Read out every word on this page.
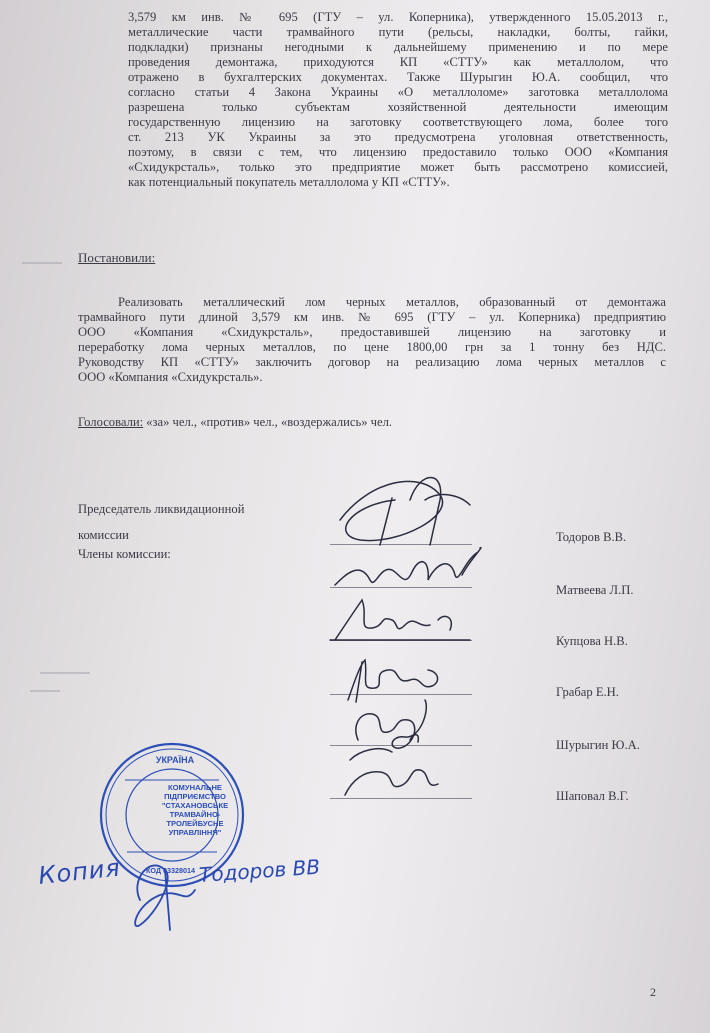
3,579 км инв. № 695 (ГТУ – ул. Коперника), утвержденного 15.05.2013 г.,
металлические части трамвайного пути (рельсы, накладки, болты, гайки,
подкладки) признаны негодными к дальнейшему применению и по мере
проведения демонтажа, приходуются КП «СТТУ» как металлолом, что
отражено в бухгалтерских документах. Также Шурыгин Ю.А. сообщил, что
согласно статьи 4 Закона Украины «О металлоломе» заготовка металлолома
разрешена только субъектам хозяйственной деятельности имеющим
государственную лицензию на заготовку соответствующего лома, более того
ст. 213 УК Украины за это предусмотрена уголовная ответственность,
поэтому, в связи с тем, что лицензию предоставило только ООО «Компания
«Схидукрсталь», только это предприятие может быть рассмотрено комиссией,
как потенциальный покупатель металлолома у КП «СТТУ».
Постановили:
Реализовать металлический лом черных металлов, образованный от демонтажа
трамвайного пути длиной 3,579 км инв. № 695 (ГТУ – ул. Коперника) предприятию
ООО «Компания «Схидукрсталь», предоставившей лицензию на заготовку и
переработку лома черных металлов, по цене 1800,00 грн за 1 тонну без НДС.
Руководству КП «СТТУ» заключить договор на реализацию лома черных металлов с
ООО «Компания «Схидукрсталь».
Голосовали: «за» чел., «против» чел., «воздержались» чел.
Председатель ликвидационной
комиссии
Члены комиссии:
Тодоров В.В.
Матвеева Л.П.
Купцова Н.В.
Грабар Е.Н.
Шурыгин Ю.А.
Шаповал В.Г.
УКРАЇНА
КОМУНАЛЬНЕ
ПІДПРИЄМСТВО
"СТАХАНОВСЬКЕ
ТРАМВАЙНО-
ТРОЛЕЙБУСНЕ
УПРАВЛІННЯ"
КОД 03328014
Копия	Тодоров ВВ
2
